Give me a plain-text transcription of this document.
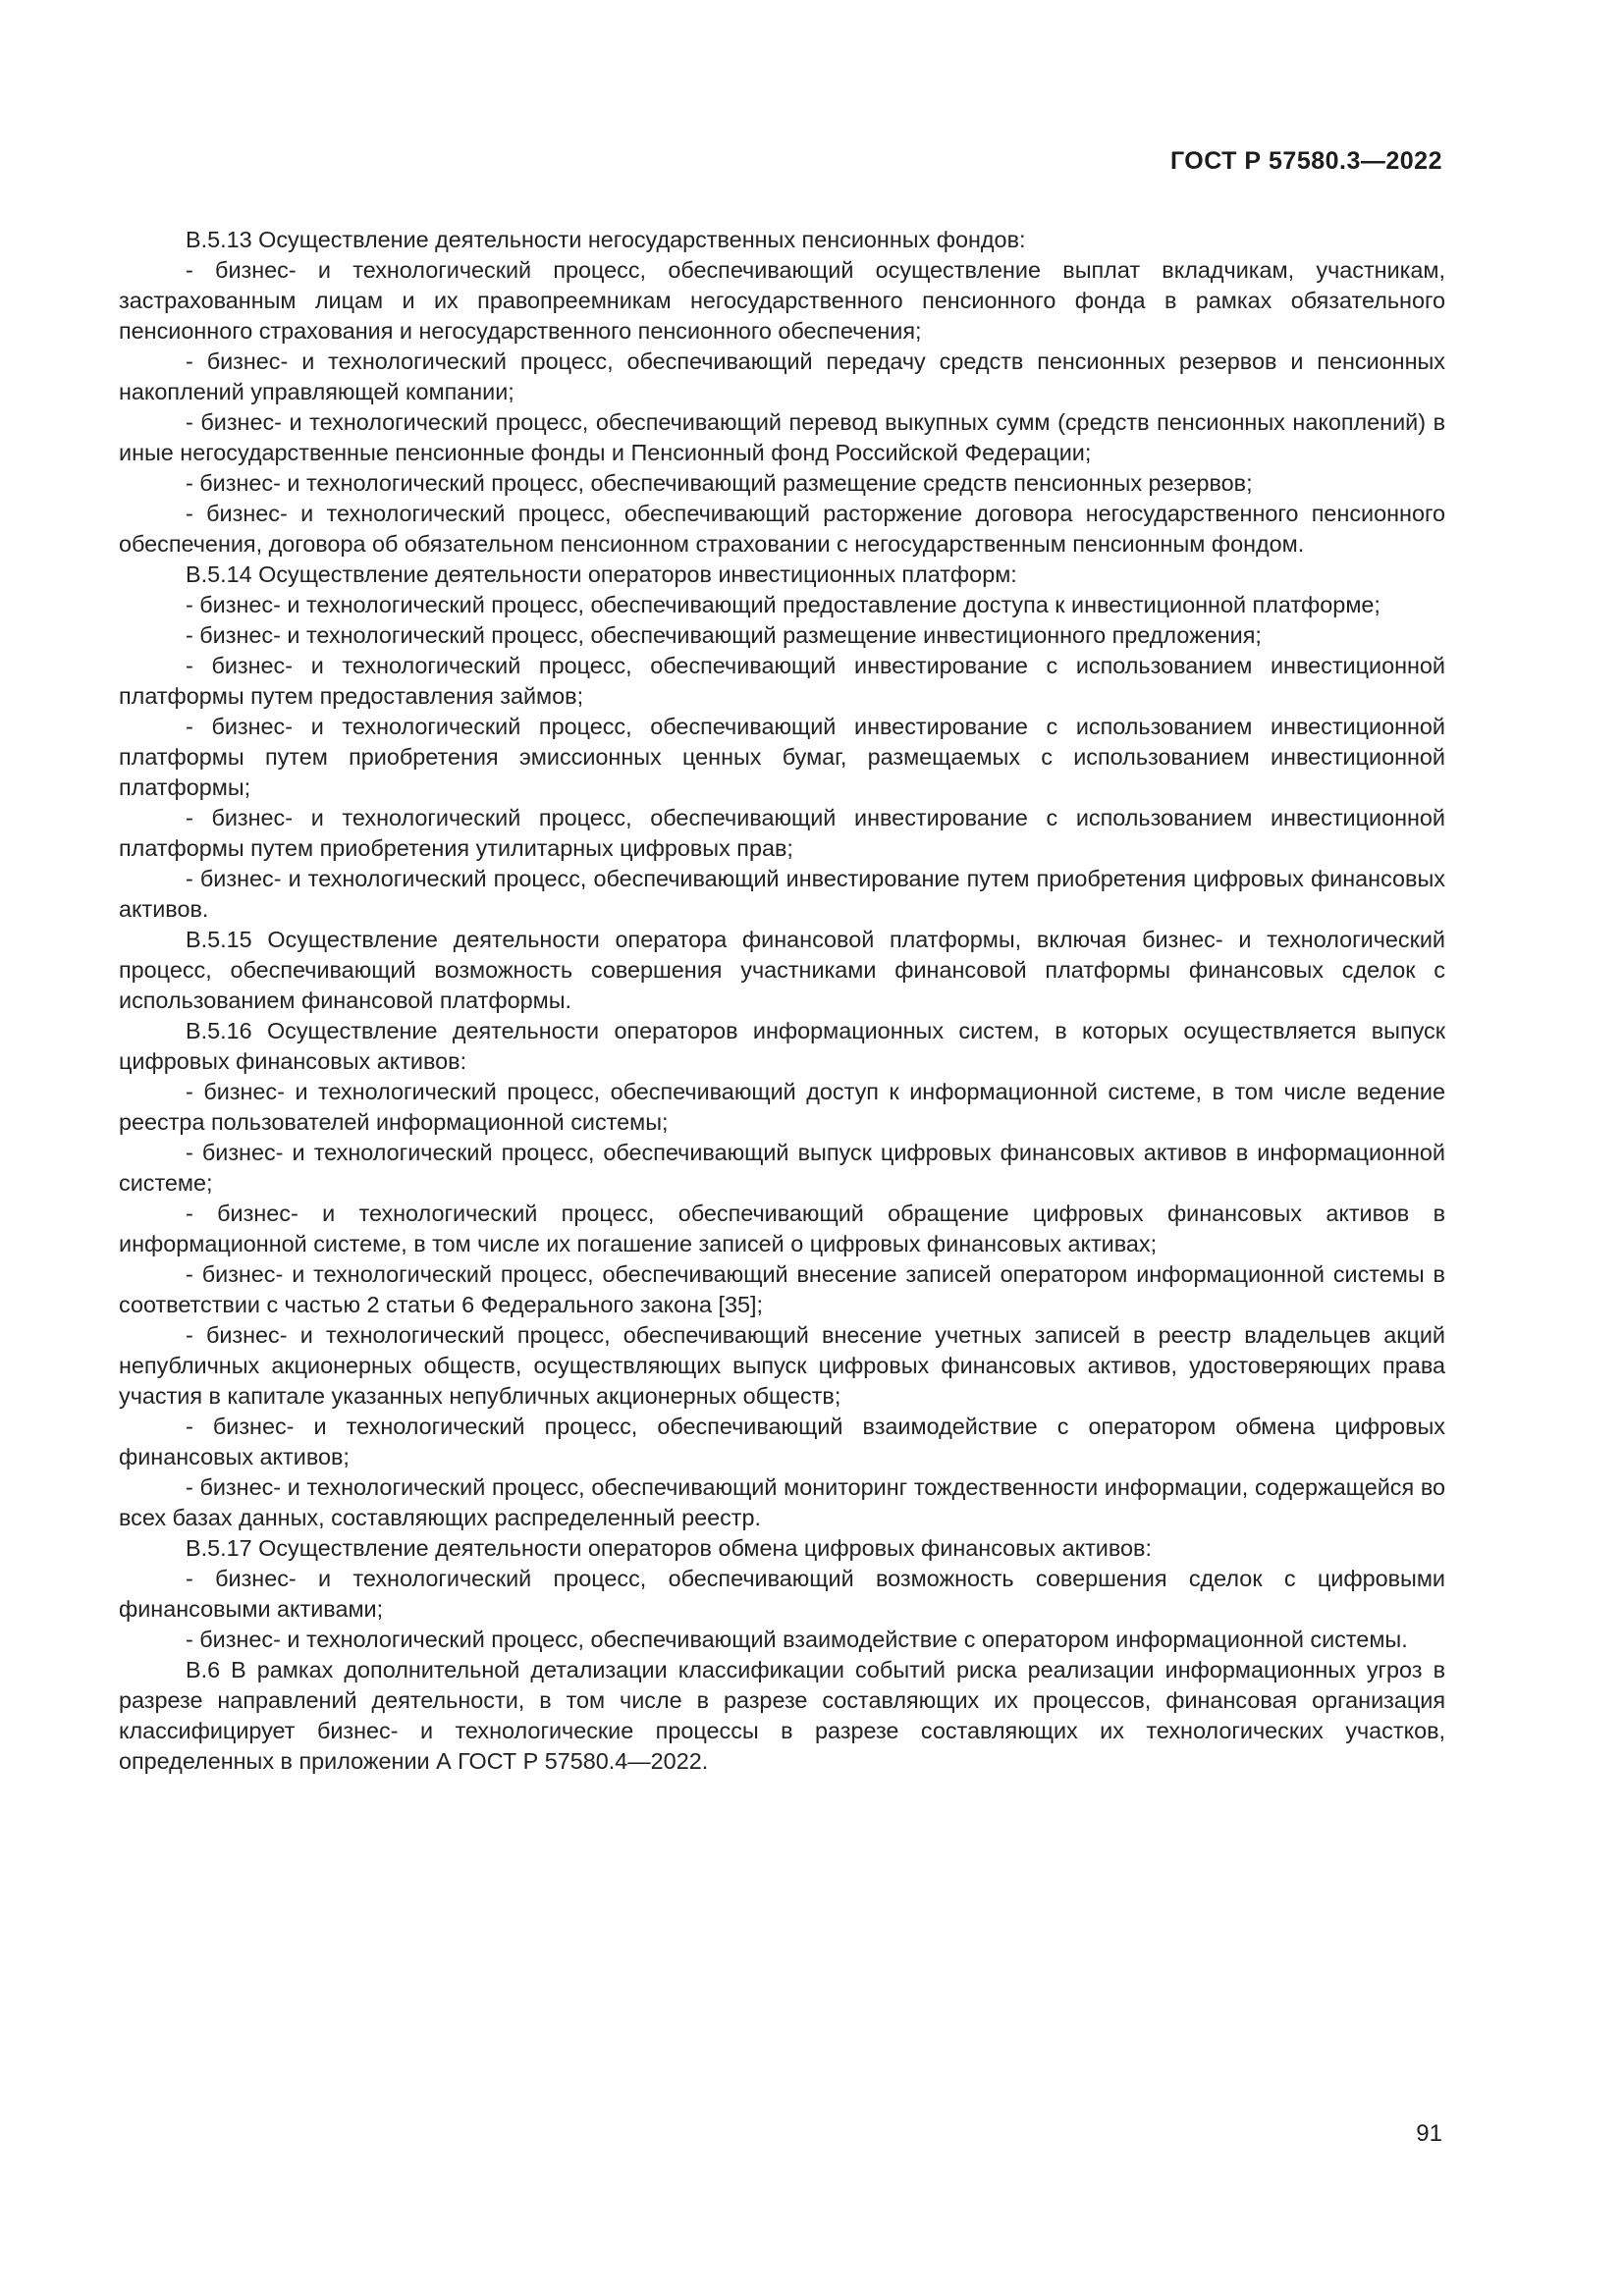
ГОСТ Р 57580.3—2022

В.5.13 Осуществление деятельности негосударственных пенсионных фондов:

- бизнес- и технологический процесс, обеспечивающий осуществление выплат вкладчикам, участникам, застрахованным лицам и их правопреемникам негосударственного пенсионного фонда в рамках обязательного пенсионного страхования и негосударственного пенсионного обеспечения;

- бизнес- и технологический процесс, обеспечивающий передачу средств пенсионных резервов и пенсионных накоплений управляющей компании;

- бизнес- и технологический процесс, обеспечивающий перевод выкупных сумм (средств пенсионных накоплений) в иные негосударственные пенсионные фонды и Пенсионный фонд Российской Федерации;

- бизнес- и технологический процесс, обеспечивающий размещение средств пенсионных резервов;

- бизнес- и технологический процесс, обеспечивающий расторжение договора негосударственного пенсионного обеспечения, договора об обязательном пенсионном страховании с негосударственным пенсионным фондом.

В.5.14 Осуществление деятельности операторов инвестиционных платформ:

- бизнес- и технологический процесс, обеспечивающий предоставление доступа к инвестиционной платформе;

- бизнес- и технологический процесс, обеспечивающий размещение инвестиционного предложения;

- бизнес- и технологический процесс, обеспечивающий инвестирование с использованием инвестиционной платформы путем предоставления займов;

- бизнес- и технологический процесс, обеспечивающий инвестирование с использованием инвестиционной платформы путем приобретения эмиссионных ценных бумаг, размещаемых с использованием инвестиционной платформы;

- бизнес- и технологический процесс, обеспечивающий инвестирование с использованием инвестиционной платформы путем приобретения утилитарных цифровых прав;

- бизнес- и технологический процесс, обеспечивающий инвестирование путем приобретения цифровых финансовых активов.

В.5.15 Осуществление деятельности оператора финансовой платформы, включая бизнес- и технологический процесс, обеспечивающий возможность совершения участниками финансовой платформы финансовых сделок с использованием финансовой платформы.

В.5.16 Осуществление деятельности операторов информационных систем, в которых осуществляется выпуск цифровых финансовых активов:

- бизнес- и технологический процесс, обеспечивающий доступ к информационной системе, в том числе ведение реестра пользователей информационной системы;

- бизнес- и технологический процесс, обеспечивающий выпуск цифровых финансовых активов в информационной системе;

- бизнес- и технологический процесс, обеспечивающий обращение цифровых финансовых активов в информационной системе, в том числе их погашение записей о цифровых финансовых активах;

- бизнес- и технологический процесс, обеспечивающий внесение записей оператором информационной системы в соответствии с частью 2 статьи 6 Федерального закона [35];

- бизнес- и технологический процесс, обеспечивающий внесение учетных записей в реестр владельцев акций непубличных акционерных обществ, осуществляющих выпуск цифровых финансовых активов, удостоверяющих права участия в капитале указанных непубличных акционерных обществ;

- бизнес- и технологический процесс, обеспечивающий взаимодействие с оператором обмена цифровых финансовых активов;

- бизнес- и технологический процесс, обеспечивающий мониторинг тождественности информации, содержащейся во всех базах данных, составляющих распределенный реестр.

В.5.17 Осуществление деятельности операторов обмена цифровых финансовых активов:

- бизнес- и технологический процесс, обеспечивающий возможность совершения сделок с цифровыми финансовыми активами;

- бизнес- и технологический процесс, обеспечивающий взаимодействие с оператором информационной системы.

В.6 В рамках дополнительной детализации классификации событий риска реализации информационных угроз в разрезе направлений деятельности, в том числе в разрезе составляющих их процессов, финансовая организация классифицирует бизнес- и технологические процессы в разрезе составляющих их технологических участков, определенных в приложении А ГОСТ Р 57580.4—2022.

91
